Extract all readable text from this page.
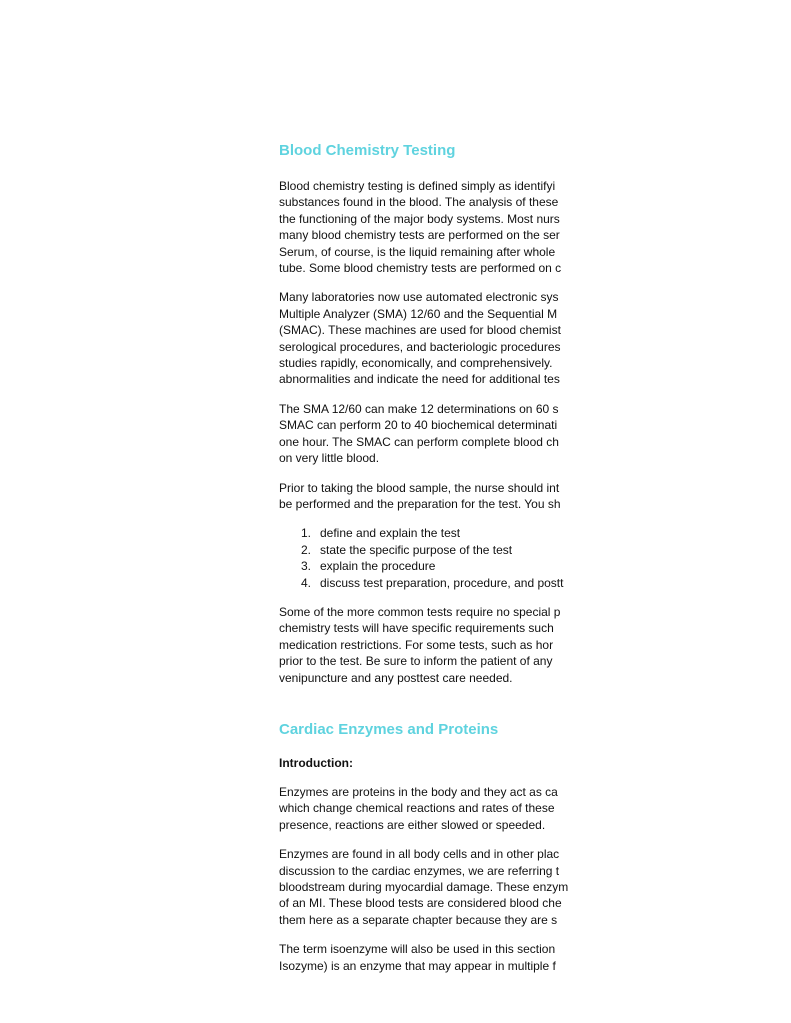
Blood Chemistry Testing
Blood chemistry testing is defined simply as identifyi
substances found in the blood. The analysis of these
the functioning of the major body systems. Most nurs
many blood chemistry tests are performed on the ser
Serum, of course, is the liquid remaining after whole
tube. Some blood chemistry tests are performed on c
Many laboratories now use automated electronic sys
Multiple Analyzer (SMA) 12/60 and the Sequential M
(SMAC). These machines are used for blood chemist
serological procedures, and bacteriologic procedures
studies rapidly, economically, and comprehensively.
abnormalities and indicate the need for additional tes
The SMA 12/60 can make 12 determinations on 60 s
SMAC can perform 20 to 40 biochemical determinati
one hour. The SMAC can perform complete blood ch
on very little blood.
Prior to taking the blood sample, the nurse should int
be performed and the preparation for the test. You sh
1. define and explain the test
2. state the specific purpose of the test
3. explain the procedure
4. discuss test preparation, procedure, and postt
Some of the more common tests require no special p
chemistry tests will have specific requirements such
medication restrictions. For some tests, such as hor
prior to the test. Be sure to inform the patient of any
venipuncture and any posttest care needed.
Cardiac Enzymes and Proteins
Introduction:
Enzymes are proteins in the body and they act as ca
which change chemical reactions and rates of these
presence, reactions are either slowed or speeded.
Enzymes are found in all body cells and in other plac
discussion to the cardiac enzymes, we are referring t
bloodstream during myocardial damage. These enzym
of an MI. These blood tests are considered blood che
them here as a separate chapter because they are s
The term isoenzyme will also be used in this section
Isozyme) is an enzyme that may appear in multiple f
